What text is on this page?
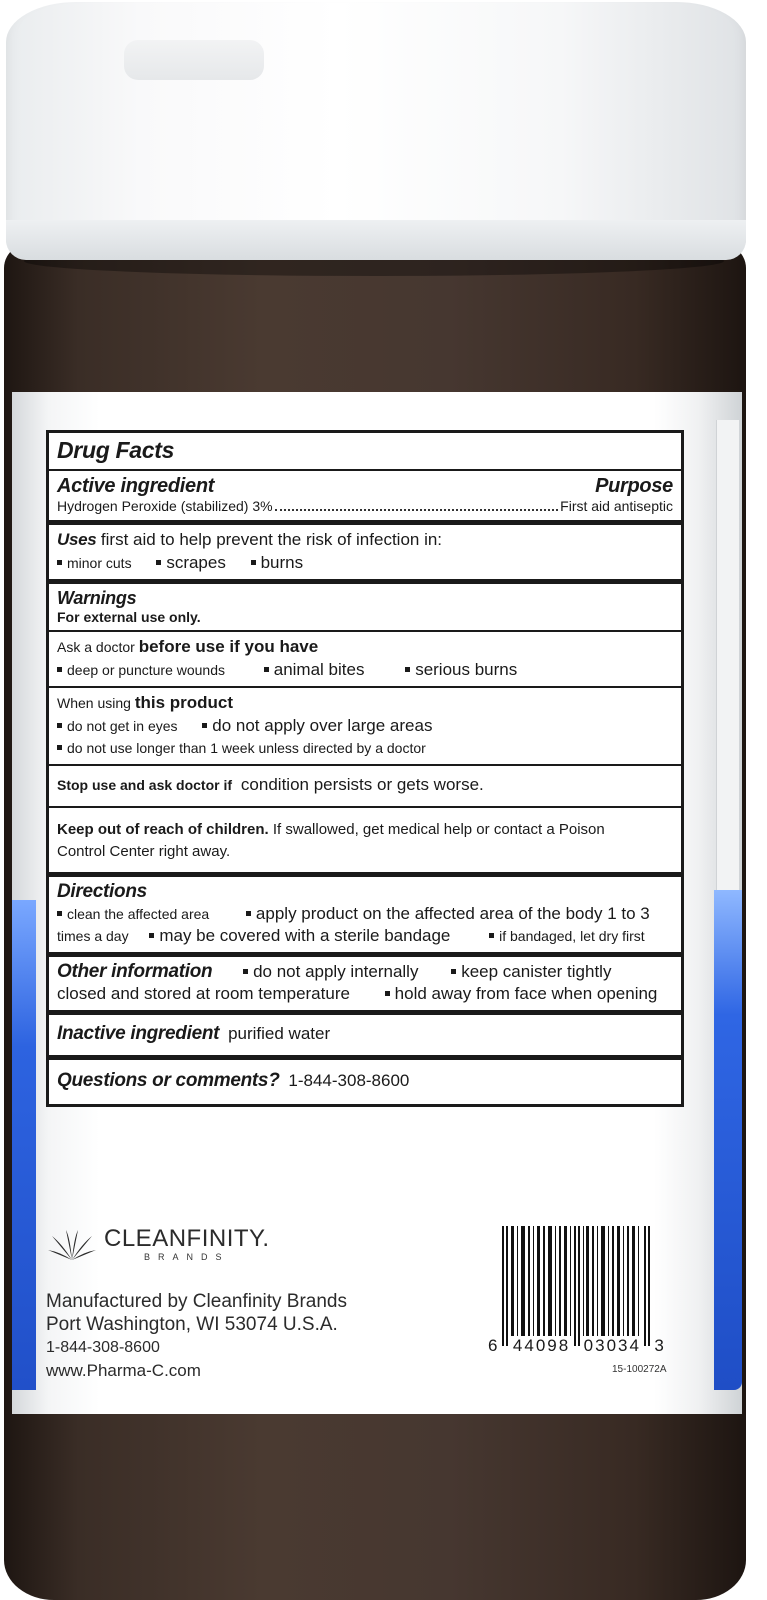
Drug Facts
Active ingredient	Purpose
Hydrogen Peroxide (stabilized) 3%	First aid antiseptic
Uses first aid to help prevent the risk of infection in:
minor cuts scrapes burns
Warnings
For external use only.
Ask a doctor before use if you have
deep or puncture wounds	animal bites	serious burns
When using this product
do not get in eyes do not apply over large areas
do not use longer than 1 week unless directed by a doctor
Stop use and ask doctor if condition persists or gets worse.
Keep out of reach of children. If swallowed, get medical help or contact a Poison
Control Center right away.
Directions
clean the affected area	apply product on the affected area of the body 1 to 3
times a day may be covered with a sterile bandage	if bandaged, let dry first
Other information do not apply internally	keep canister tightly
closed and stored at room temperature	hold away from face when opening
Inactive ingredient purified water
Questions or comments? 1-844-308-8600
CLEANFINITY.
BRANDS
Manufactured by Cleanfinity Brands
Port Washington, WI 53074 U.S.A.
1-844-308-8600
www.Pharma-C.com
6 44098 03034 3
15-100272A
